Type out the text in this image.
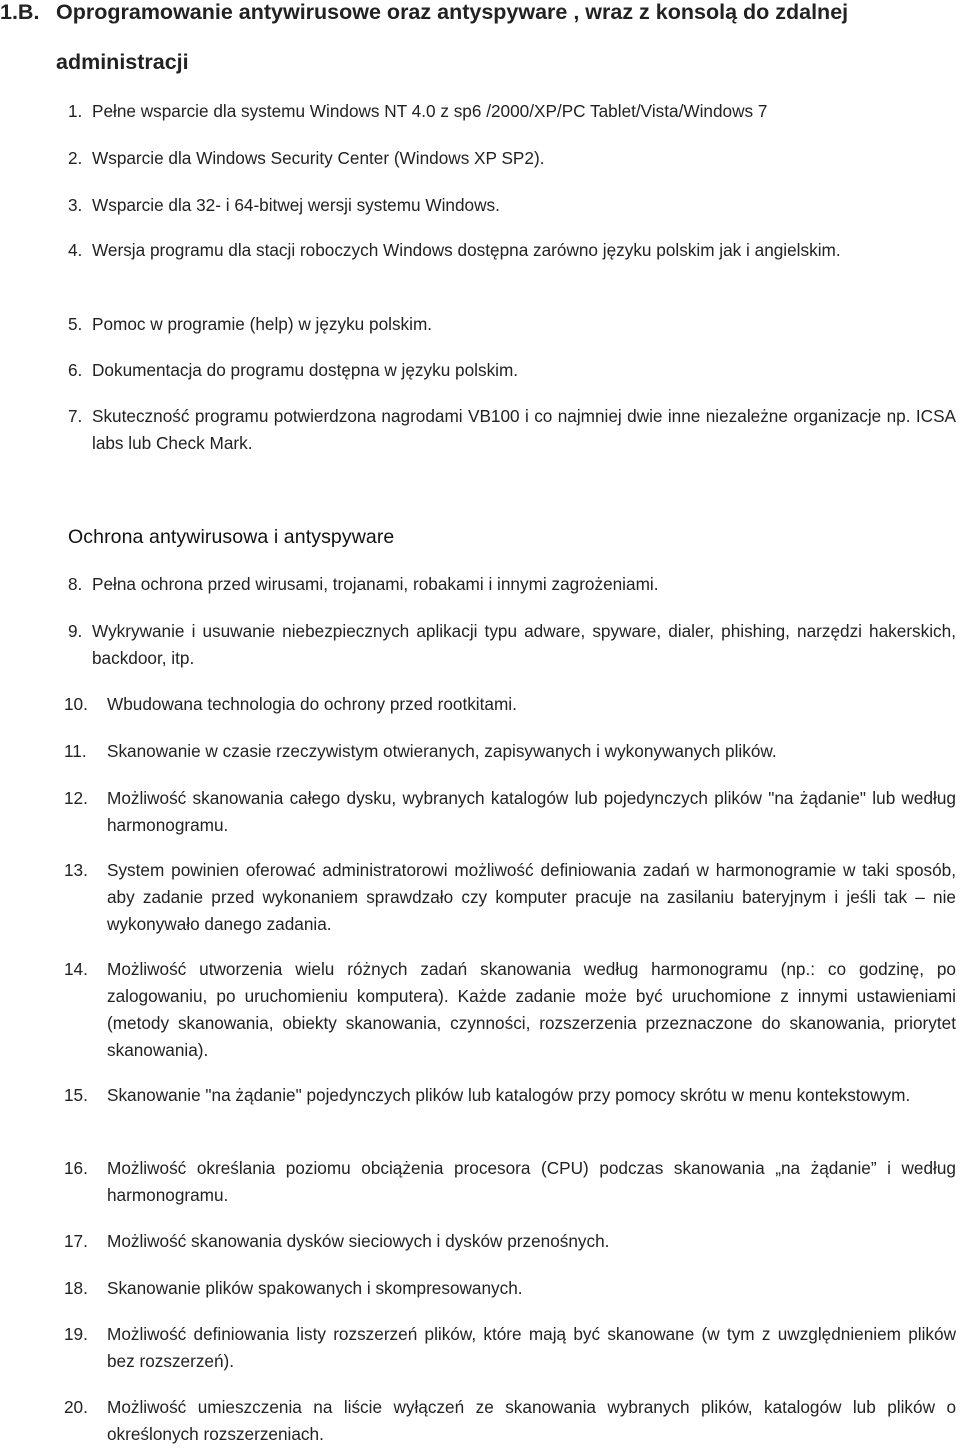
1.B. Oprogramowanie antywirusowe oraz antyspyware , wraz z konsolą do zdalnej
administracji
1. Pełne wsparcie dla systemu Windows NT 4.0 z sp6 /2000/XP/PC Tablet/Vista/Windows 7
2. Wsparcie dla Windows Security Center (Windows XP SP2).
3. Wsparcie dla 32- i 64-bitwej wersji systemu Windows.
4. Wersja programu dla stacji roboczych Windows dostępna zarówno języku polskim jak i angielskim.
5. Pomoc w programie (help) w języku polskim.
6. Dokumentacja do programu dostępna w języku polskim.
7. Skuteczność programu potwierdzona nagrodami VB100 i co najmniej dwie inne niezależne organizacje np. ICSA labs lub Check Mark.
Ochrona antywirusowa i antyspyware
8. Pełna ochrona przed wirusami, trojanami, robakami i innymi zagrożeniami.
9. Wykrywanie i usuwanie niebezpiecznych aplikacji typu adware, spyware, dialer, phishing, narzędzi hakerskich, backdoor, itp.
10. Wbudowana technologia do ochrony przed rootkitami.
11. Skanowanie w czasie rzeczywistym otwieranych, zapisywanych i wykonywanych plików.
12. Możliwość skanowania całego dysku, wybranych katalogów lub pojedynczych plików "na żądanie" lub według harmonogramu.
13. System powinien oferować administratorowi możliwość definiowania zadań w harmonogramie w taki sposób, aby zadanie przed wykonaniem sprawdzało czy komputer pracuje na zasilaniu bateryjnym i jeśli tak – nie wykonywało danego zadania.
14. Możliwość utworzenia wielu różnych zadań skanowania według harmonogramu (np.: co godzinę, po zalogowaniu, po uruchomieniu komputera). Każde zadanie może być uruchomione z innymi ustawieniami (metody skanowania, obiekty skanowania, czynności, rozszerzenia przeznaczone do skanowania, priorytet skanowania).
15. Skanowanie "na żądanie" pojedynczych plików lub katalogów przy pomocy skrótu w menu kontekstowym.
16. Możliwość określania poziomu obciążenia procesora (CPU) podczas skanowania „na żądanie” i według harmonogramu.
17. Możliwość skanowania dysków sieciowych i dysków przenośnych.
18. Skanowanie plików spakowanych i skompresowanych.
19. Możliwość definiowania listy rozszerzeń plików, które mają być skanowane (w tym z uwzględnieniem plików bez rozszerzeń).
20. Możliwość umieszczenia na liście wyłączeń ze skanowania wybranych plików, katalogów lub plików o określonych rozszerzeniach.
